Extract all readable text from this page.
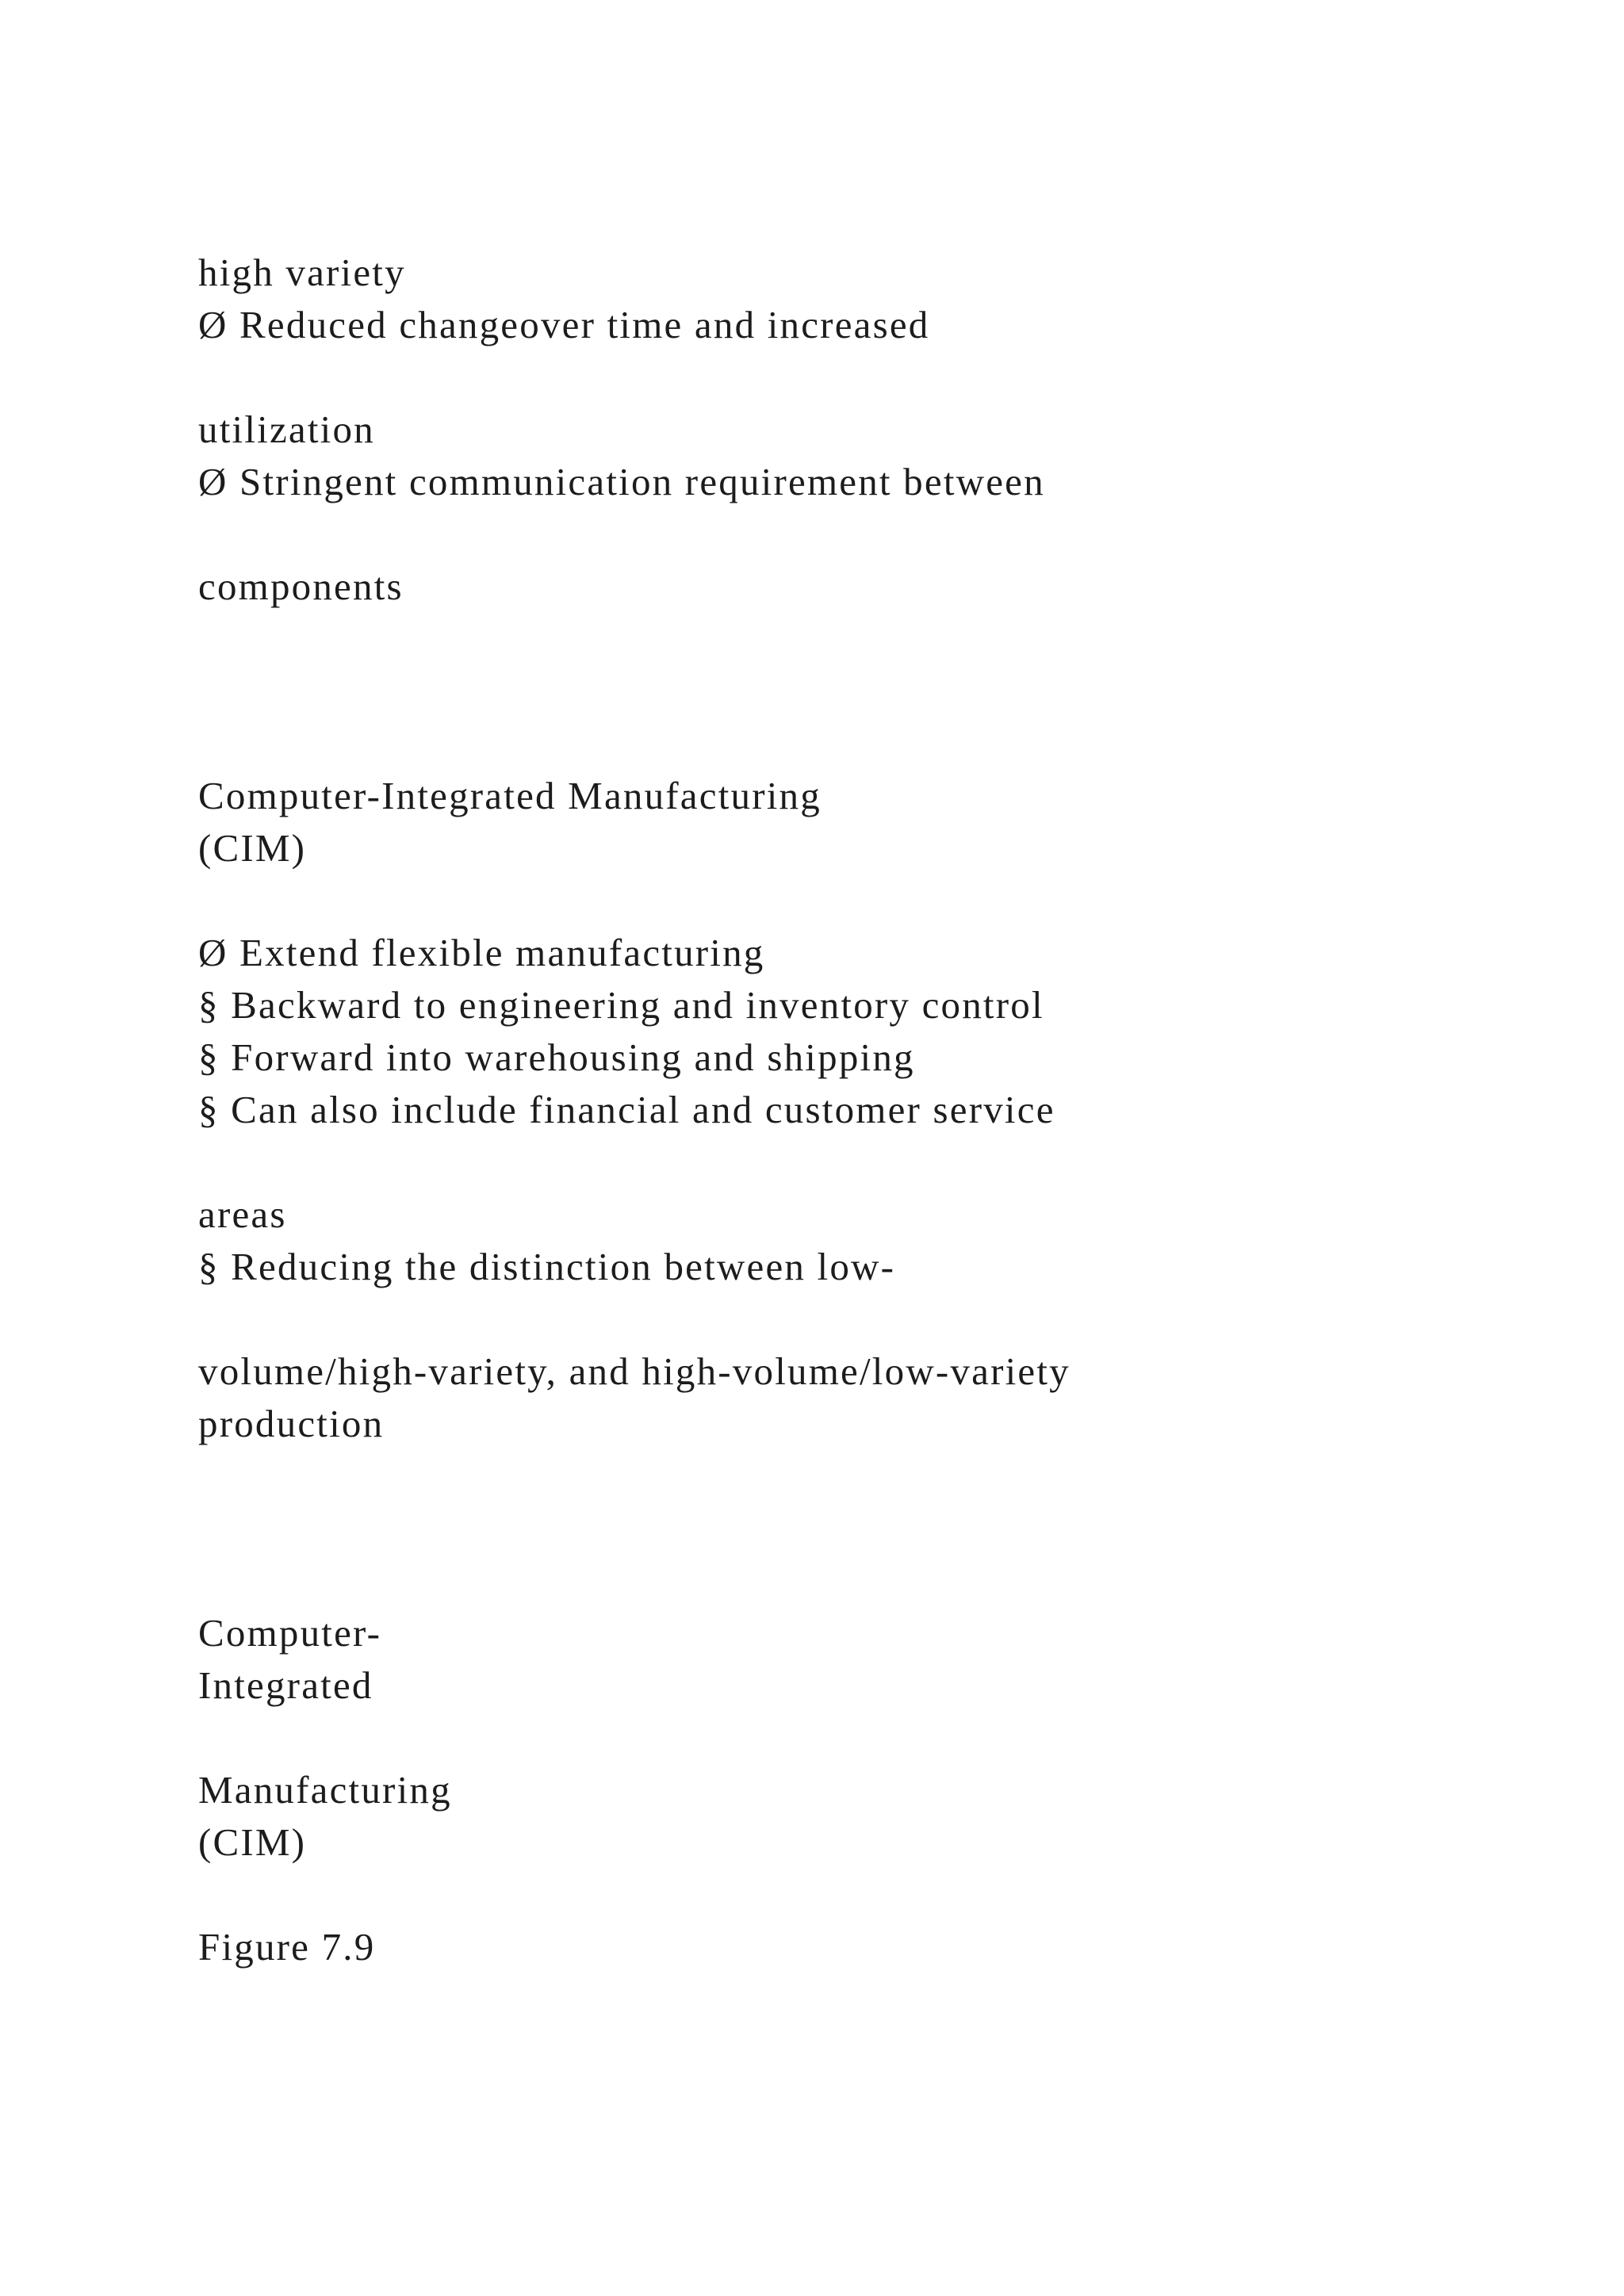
high variety

Ø Reduced changeover time and increased

utilization

Ø Stringent communication requirement between

components

Computer-Integrated Manufacturing

(CIM)

Ø Extend flexible manufacturing

§ Backward to engineering and inventory control

§ Forward into warehousing and shipping

§ Can also include financial and customer service

areas

§ Reducing the distinction between low-

volume/high-variety, and high-volume/low-variety

production

Computer-

Integrated

Manufacturing

(CIM)

Figure 7.9
